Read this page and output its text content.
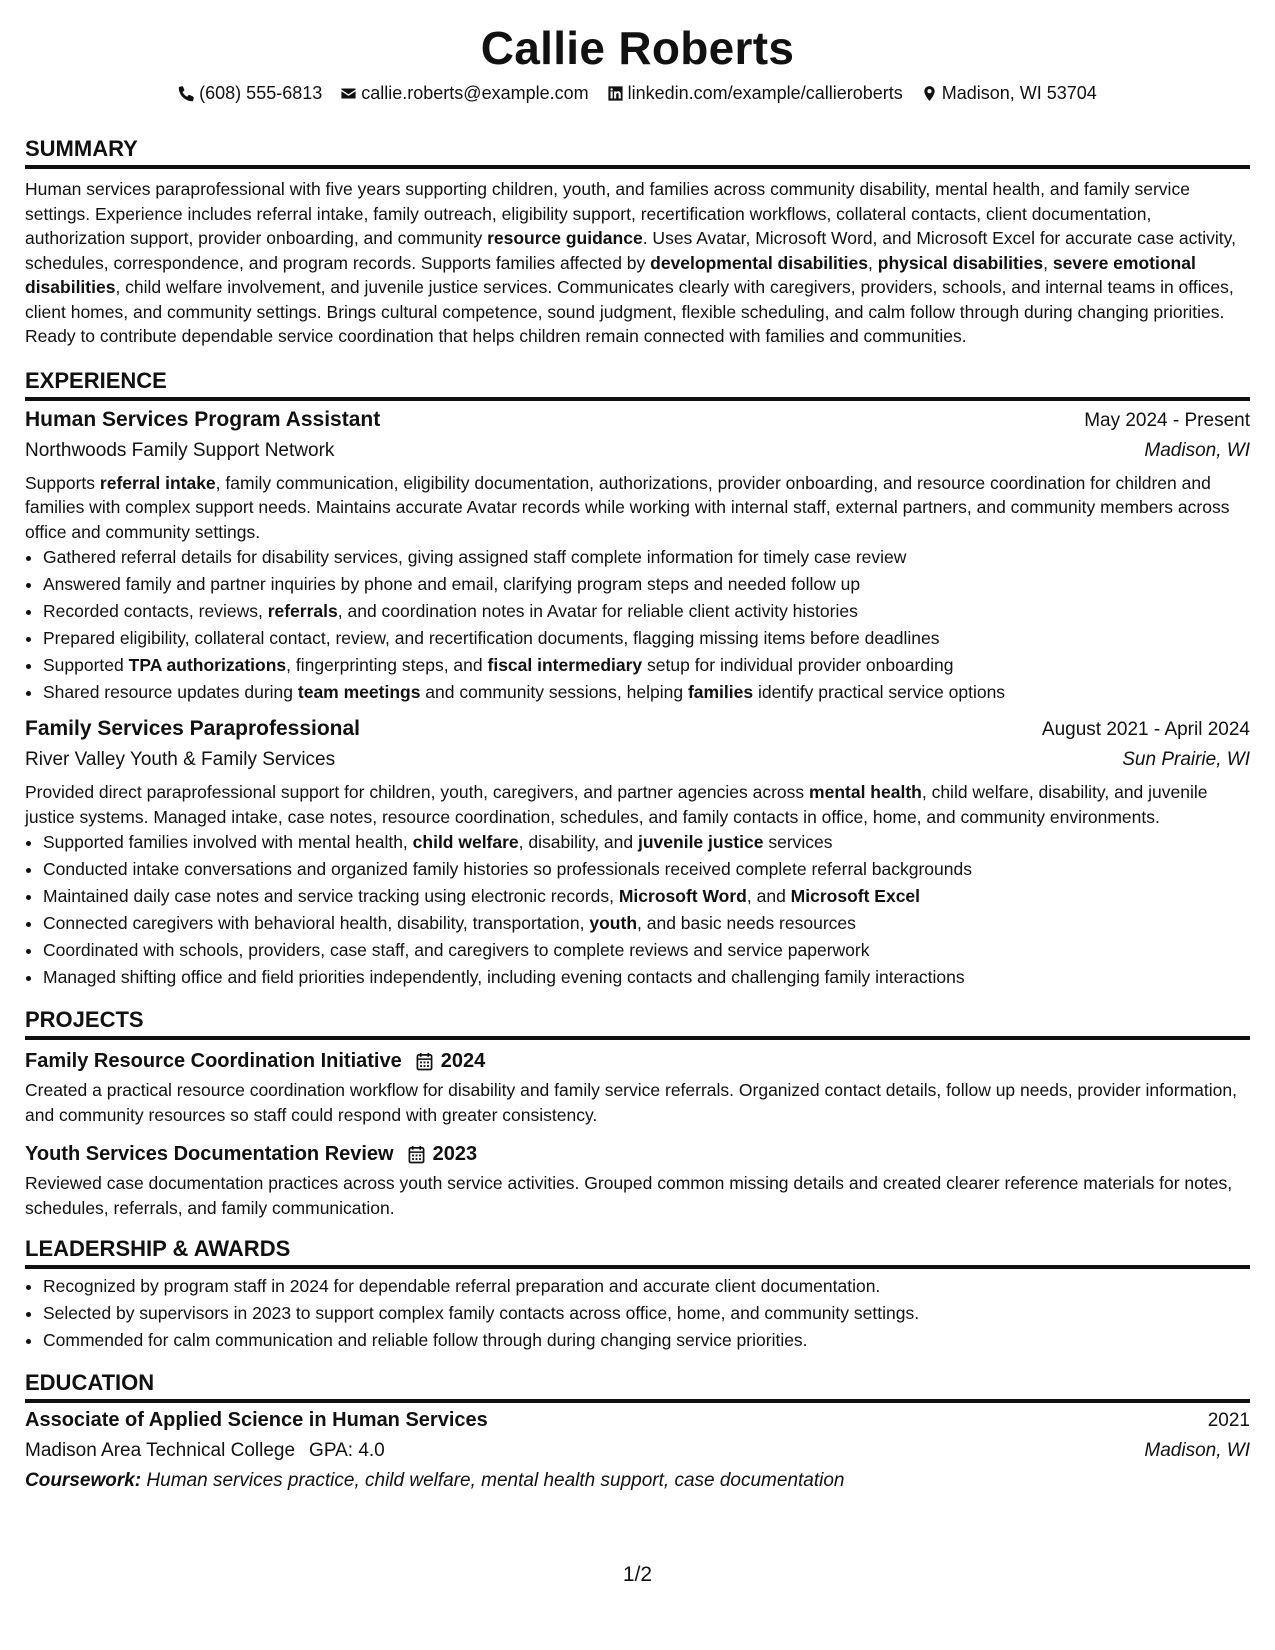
Callie Roberts
(608) 555-6813 callie.roberts@example.com linkedin.com/example/callieroberts Madison, WI 53704
SUMMARY
Human services paraprofessional with five years supporting children, youth, and families across community disability, mental health, and family service settings. Experience includes referral intake, family outreach, eligibility support, recertification workflows, collateral contacts, client documentation, authorization support, provider onboarding, and community resource guidance. Uses Avatar, Microsoft Word, and Microsoft Excel for accurate case activity, schedules, correspondence, and program records. Supports families affected by developmental disabilities, physical disabilities, severe emotional disabilities, child welfare involvement, and juvenile justice services. Communicates clearly with caregivers, providers, schools, and internal teams in offices, client homes, and community settings. Brings cultural competence, sound judgment, flexible scheduling, and calm follow through during changing priorities. Ready to contribute dependable service coordination that helps children remain connected with families and communities.
EXPERIENCE
Human Services Program Assistant	May 2024 - Present
Northwoods Family Support Network	Madison, WI
Supports referral intake, family communication, eligibility documentation, authorizations, provider onboarding, and resource coordination for children and families with complex support needs. Maintains accurate Avatar records while working with internal staff, external partners, and community members across office and community settings.
• Gathered referral details for disability services, giving assigned staff complete information for timely case review
• Answered family and partner inquiries by phone and email, clarifying program steps and needed follow up
• Recorded contacts, reviews, referrals, and coordination notes in Avatar for reliable client activity histories
• Prepared eligibility, collateral contact, review, and recertification documents, flagging missing items before deadlines
• Supported TPA authorizations, fingerprinting steps, and fiscal intermediary setup for individual provider onboarding
• Shared resource updates during team meetings and community sessions, helping families identify practical service options
Family Services Paraprofessional	August 2021 - April 2024
River Valley Youth & Family Services	Sun Prairie, WI
Provided direct paraprofessional support for children, youth, caregivers, and partner agencies across mental health, child welfare, disability, and juvenile justice systems. Managed intake, case notes, resource coordination, schedules, and family contacts in office, home, and community environments.
• Supported families involved with mental health, child welfare, disability, and juvenile justice services
• Conducted intake conversations and organized family histories so professionals received complete referral backgrounds
• Maintained daily case notes and service tracking using electronic records, Microsoft Word, and Microsoft Excel
• Connected caregivers with behavioral health, disability, transportation, youth, and basic needs resources
• Coordinated with schools, providers, case staff, and caregivers to complete reviews and service paperwork
• Managed shifting office and field priorities independently, including evening contacts and challenging family interactions
PROJECTS
Family Resource Coordination Initiative 2024
Created a practical resource coordination workflow for disability and family service referrals. Organized contact details, follow up needs, provider information, and community resources so staff could respond with greater consistency.
Youth Services Documentation Review 2023
Reviewed case documentation practices across youth service activities. Grouped common missing details and created clearer reference materials for notes, schedules, referrals, and family communication.
LEADERSHIP & AWARDS
• Recognized by program staff in 2024 for dependable referral preparation and accurate client documentation.
• Selected by supervisors in 2023 to support complex family contacts across office, home, and community settings.
• Commended for calm communication and reliable follow through during changing service priorities.
EDUCATION
Associate of Applied Science in Human Services	2021
Madison Area Technical College GPA: 4.0	Madison, WI
Coursework: Human services practice, child welfare, mental health support, case documentation
1/2
